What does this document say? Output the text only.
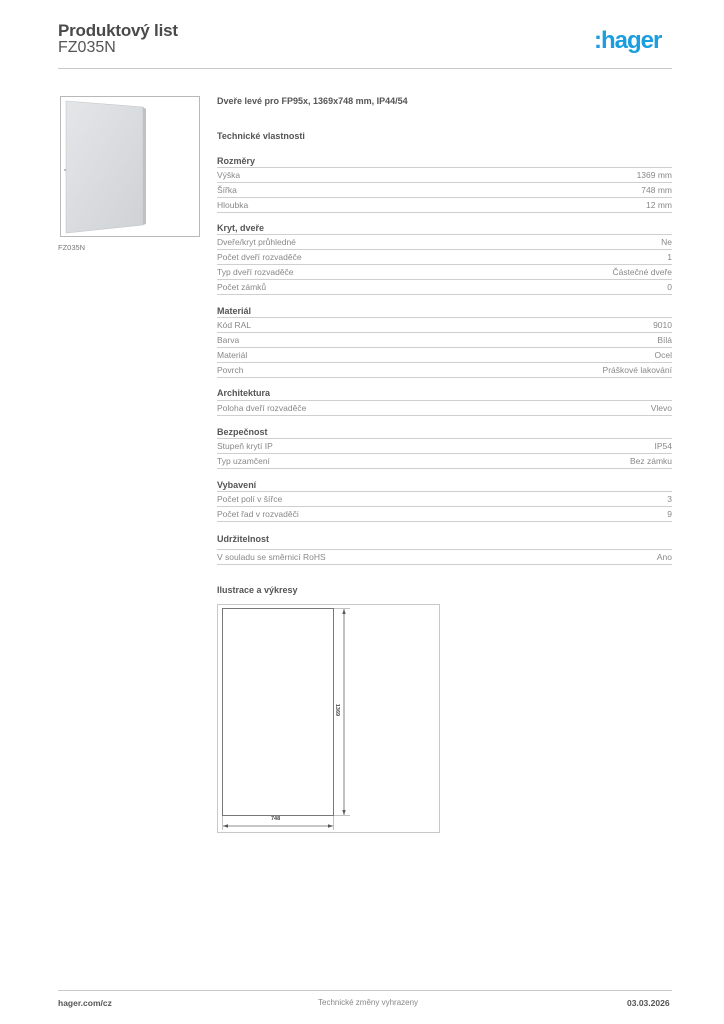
Produktový list
FZ035N	:hager
FZ035N
Dveře levé pro FP95x, 1369x748 mm, IP44/54
Technické vlastnosti
Rozměry
Výška	1369 mm
Šířka	748 mm
Hloubka	12 mm
Kryt, dveře
Dveře/kryt průhledné	Ne
Počet dveří rozvaděče	1
Typ dveří rozvaděče	Částečné dveře
Počet zámků	0
Materiál
Kód RAL	9010
Barva	Bílá
Materiál	Ocel
Povrch	Práškové lakování
Architektura
Poloha dveří rozvaděče	Vlevo
Bezpečnost
Stupeň krytí IP	IP54
Typ uzamčení	Bez zámku
Vybavení
Počet polí v šířce	3
Počet řad v rozvaděči	9
Udržitelnost
V souladu se směrnicí RoHS	Ano
Ilustrace a výkresy
1369
748
hager.com/cz	Technické změny vyhrazeny	03.03.2026
